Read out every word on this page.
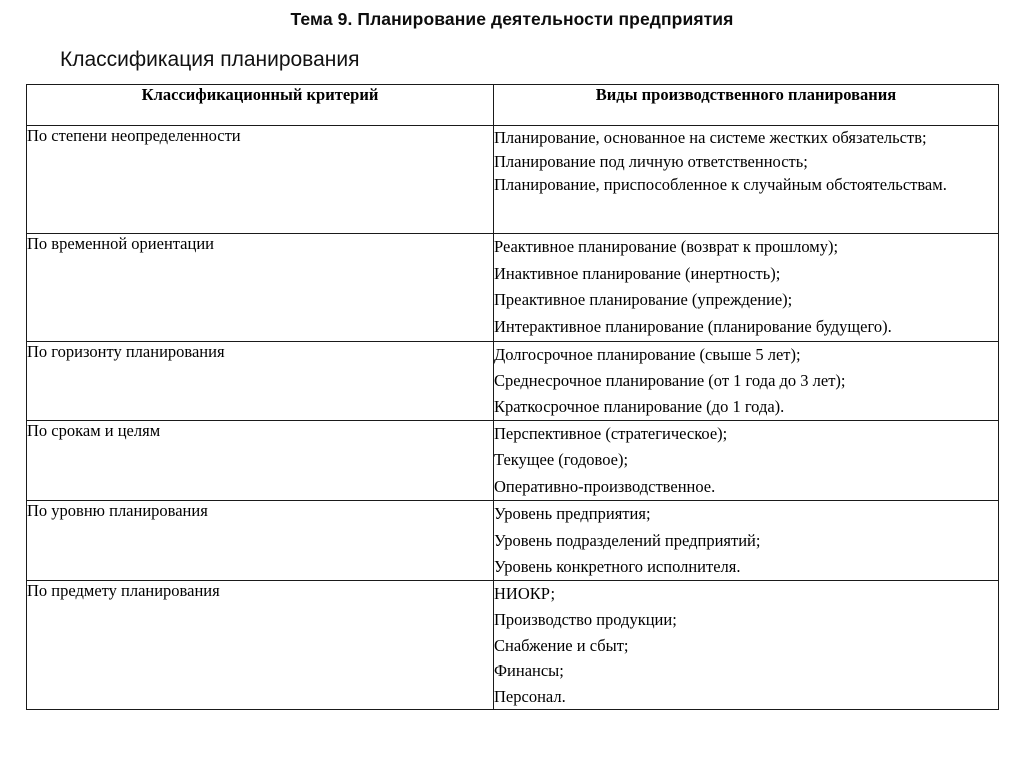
Тема 9. Планирование деятельности предприятия
Классификация планирования
Классификационный критерий	Виды производственного планирования
По степени неопределенности	Планирование, основанное на системе жестких обязательств;
Планирование под личную ответственность;
Планирование, приспособленное к случайным обстоятельствам.

По временной ориентации	Реактивное планирование (возврат к прошлому);
Инактивное планирование (инертность);
Преактивное планирование (упреждение);
Интерактивное планирование (планирование будущего).

По горизонту планирования	Долгосрочное планирование (свыше 5 лет);
Среднесрочное планирование (от 1 года до 3 лет);
Краткосрочное планирование (до 1 года).

По срокам и целям	Перспективное (стратегическое);
Текущее (годовое);
Оперативно-производственное.

По уровню планирования	Уровень предприятия;
Уровень подразделений предприятий;
Уровень конкретного исполнителя.

По предмету планирования	НИОКР;
Производство продукции;
Снабжение и сбыт;
Финансы;
Персонал.
